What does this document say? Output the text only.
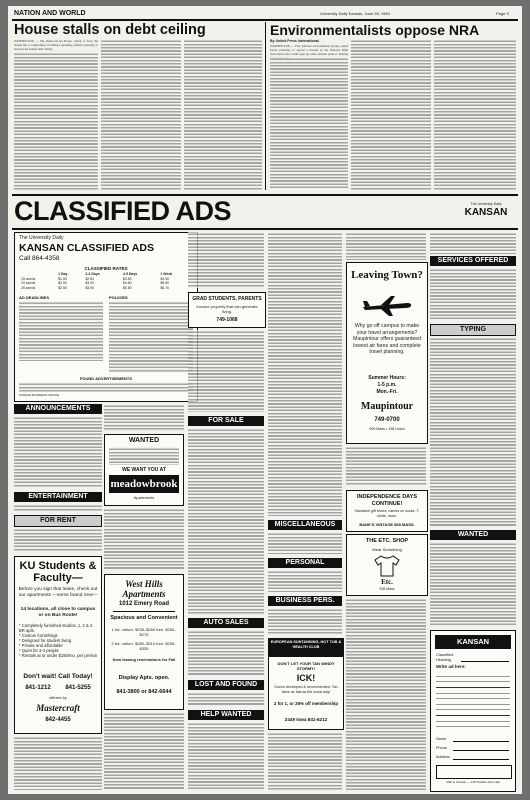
NATION AND WORLD	University Daily Kansan, June 28, 1984	Page 9
House stalls on debt ceiling
WASHINGTON — The Democrat-led House, trying to force the Senate into a compromise on military spending, refused yesterday to increase the federal debt ceiling.
Environmentalists oppose NRA
By United Press International
WASHINGTON — Five national environmental groups joined forces yesterday to oppose a lawsuit by the National Rifle Association that would open up some national parks to hunting
CLASSIFIED ADS	The University Daily
KANSAN
The University Daily
KANSAN CLASSIFIED ADS
Call 864-4358
CLASSIFIED RATES
	1 Day	2-3 Days	4-5 Days	1 Week
15 words	$1.50	$2.50	$3.50	$4.50
20 words	$2.00	$3.20	$4.50	$5.60
25 words	$2.50	$3.90	$5.50	$6.70
AD DEADLINES	POLICIES
FOUND ADVERTISEMENTS
KANSAN BUSINESS OFFICE
ANNOUNCEMENTS
ENTERTAINMENT
FOR RENT
KU Students & Faculty—
Before you sign that lease, check out our apartments —some brand new—
14 locations, all close to campus or on Bus Route!
* Completely furnished studios, 1, 2 & 3 BR apts.
* Custom furnishings
* Designed for student living
* Private and affordable
* Quiet for 3-4 people
* Rentals at or under $150/mo. per person
Don't wait! Call Today!
841-1212	841-5255
offered by
Mastercraft
842-4455
WANTED
WE WANT YOU AT
meadowbrook
Apartments
West Hills Apartments
1012 Emery Road
Spacious and Convenient
1 bd. unfurn. $235–$260 furn. $250–$275
2 bd. unfurn. $280–$310 furn. $295–$335
Now leasing reservations for Fall
Display Apts. open.
841-3800 or 842-6644
GRAD STUDENTS, PARENTS
Income property that can generate living.
749-1068
FOR SALE
AUTO SALES
LOST AND FOUND
HELP WANTED
MISCELLANEOUS
PERSONAL
BUSINESS PERS.
EUROPEAN SUNTANNING, HOT TUB & HEALTH CLUB
DON'T LET YOUR TAN WINDY STORMY!
ICK!
Doctor developed & recommended. Tan twice as fast as the usual way!
2 for 1, or 25% off membership
2449 Iowa 841-6212
Leaving Town?
Why go off campus to make your travel arrangements? Maupintour offers guaranteed lowest air fares and complete travel planning.
Summer Hours:
1-5 p.m.
Mon.-Fri.
Maupintour
749-0700
900 Mass • 108 Union
INDEPENDENCE DAYS CONTINUE!
Sandwich gift shoes, names on socks, T-shirts, more.
BANK'S VINTAGE 808 MASS.
THE ETC. SHOP
Wear Something
Etc.
928 Mass
SERVICES OFFERED
TYPING
WANTED
KANSAN CLASSIFIEDS
Classified
Heading
Write ad here:
Name
Phone
Address
Mail to Kansan — 118 Stauffer-Flint Hall
